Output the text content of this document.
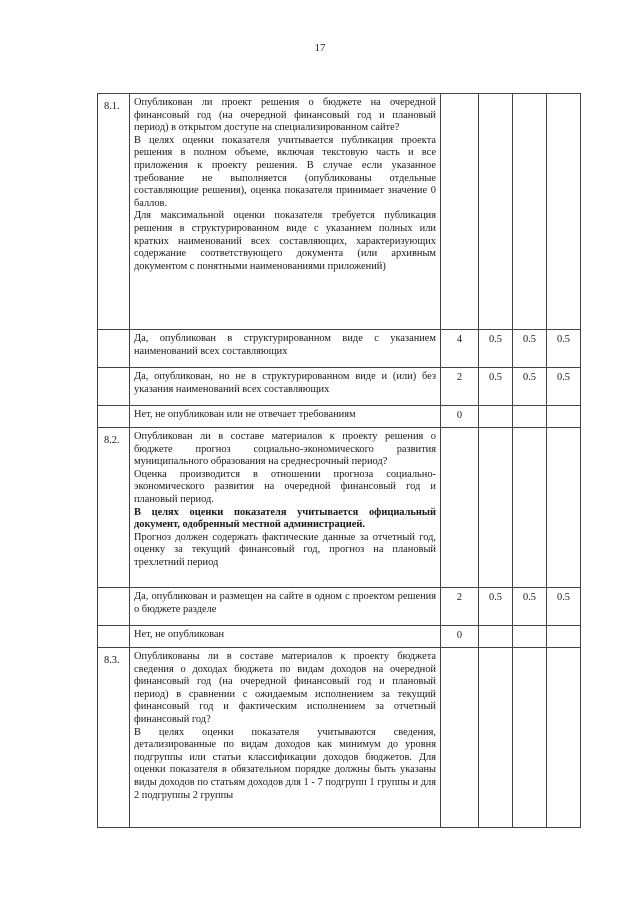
17
8.1.	Опубликован ли проект решения о бюджете на очередной финансовый год (на очередной финансовый год и плановый период) в открытом доступе на специализированном сайте?

В целях оценки показателя учитывается публикация проекта решения в полном объеме, включая текстовую часть и все приложения к проекту решения. В случае если указанное требование не выполняется (опубликованы отдельные составляющие решения), оценка показателя принимает значение 0 баллов.

Для максимальной оценки показателя требуется публикация решения в структурированном виде с указанием полных или кратких наименований всех составляющих, характеризующих содержание соответствующего документа (или архивным документом с понятными наименованиями приложений)				

	Да, опубликован в структурированном виде с указанием наименований всех составляющих	4	0.5	0.5	0.5
	Да, опубликован, но не в структурированном виде и (или) без указания наименований всех составляющих	2	0.5	0.5	0.5
	Нет, не опубликован или не отвечает требованиям	0			
8.2.	Опубликован ли в составе материалов к проекту решения о бюджете прогноз социально-экономического развития муниципального образования на среднесрочный период?

Оценка производится в отношении прогноза социально-экономического развития на очередной финансовый год и плановый период.

В целях оценки показателя учитывается официальный документ, одобренный местной администрацией.

Прогноз должен содержать фактические данные за отчетный год, оценку за текущий финансовый год, прогноз на плановый трехлетний период				

	Да, опубликован и размещен на сайте в одном с проектом решения о бюджете разделе	2	0.5	0.5	0.5
	Нет, не опубликован	0			
8.3.	Опубликованы ли в составе материалов к проекту бюджета сведения о доходах бюджета по видам доходов на очередной финансовый год (на очередной финансовый год и плановый период) в сравнении с ожидаемым исполнением за текущий финансовый год и фактическим исполнением за отчетный финансовый год?

В целях оценки показателя учитываются сведения, детализированные по видам доходов как минимум до уровня подгруппы или статьи классификации доходов бюджетов. Для оценки показателя в обязательном порядке должны быть указаны виды доходов по статьям доходов для 1 - 7 подгрупп 1 группы и для 2 подгруппы 2 группы				
